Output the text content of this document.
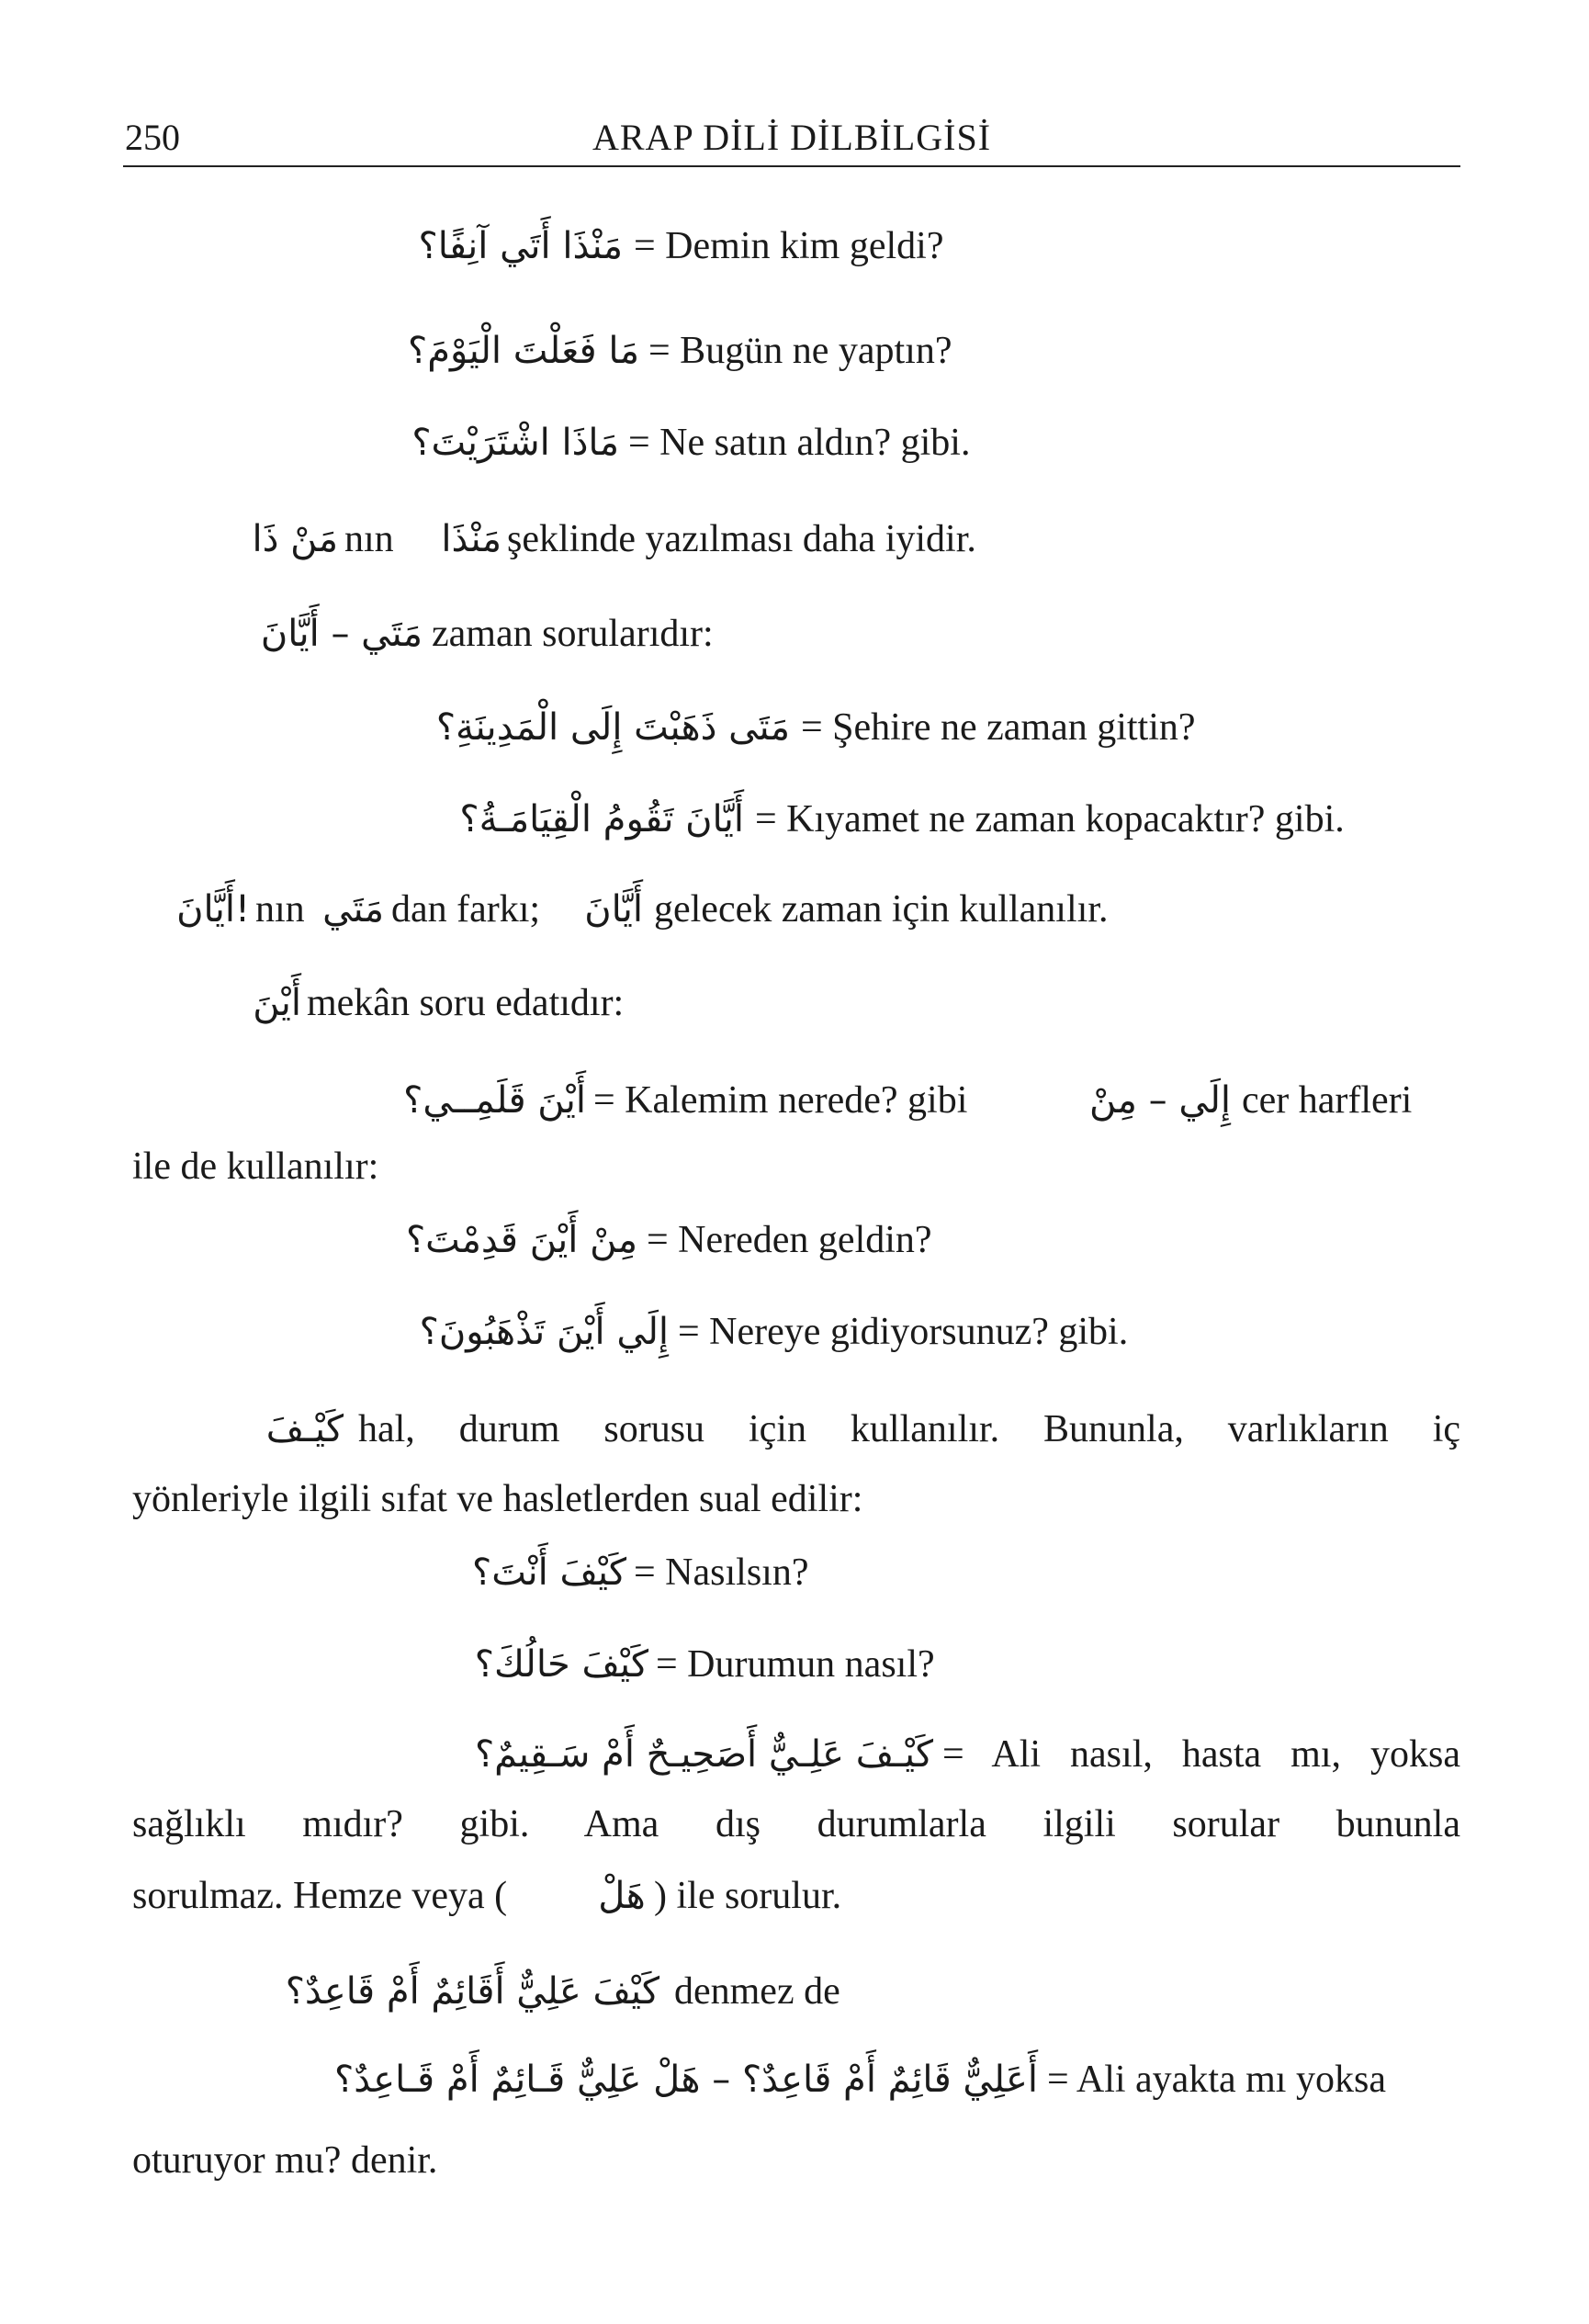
250	ARAP DİLİ DİLBİLGİSİ
مَنْذَا أَتَي آنِفًا؟ = Demin kim geldi?
مَا فَعَلْتَ الْيَوْمَ؟ = Bugün ne yaptın?
مَاذَا اشْتَرَيْتَ؟ = Ne satın aldın? gibi.
مَنْ ذَا nın	مَنْذَا şeklinde yazılması daha iyidir.
مَتَي – أَيَّانَ zaman sorularıdır:
مَتَى ذَهَبْتَ إِلَى الْمَدِينَةِ؟ = Şehire ne zaman gittin?
أَيَّانَ تَقُومُ الْقِيَامَـةُ؟ = Kıyamet ne zaman kopacaktır? gibi.
!أَيَّانَ nın مَتَي dan farkı;	أَيَّانَ gelecek zaman için kullanılır.
أَيْنَ mekân soru edatıdır:
أَيْنَ قَلَمِــي؟ = Kalemim nerede? gibi	إِلَي – مِنْ cer harfleri
ile de kullanılır:
مِنْ أَيْنَ قَدِمْتَ؟ = Nereden geldin?
إِلَي أَيْنَ تَذْهَبُونَ؟ = Nereye gidiyorsunuz? gibi.
كَيْـفَ hal, durum sorusu için kullanılır. Bununla, varlıkların iç
yönleriyle ilgili sıfat ve hasletlerden sual edilir:
كَيْفَ أَنْتَ؟ = Nasılsın?
كَيْفَ حَالُكَ؟ = Durumun nasıl?
كَيْـفَ عَلِـيٌّ أَصَحِيـحٌ أَمْ سَـقِيمٌ؟ = Ali nasıl, hasta mı, yoksa
sağlıklı mıdır? gibi. Ama dış durumlarla ilgili sorular bununla
sorulmaz. Hemze veya ( هَلْ ) ile sorulur.
كَيْفَ عَلِيٌّ أَقَائِمٌ أَمْ قَاعِدٌ؟ denmez de
أَعَلِيٌّ قَائِمٌ أَمْ قَاعِدٌ؟ – هَلْ عَلِيٌّ قَـائِمٌ أَمْ قَـاعِدٌ؟ = Ali ayakta mı yoksa
oturuyor mu? denir.
